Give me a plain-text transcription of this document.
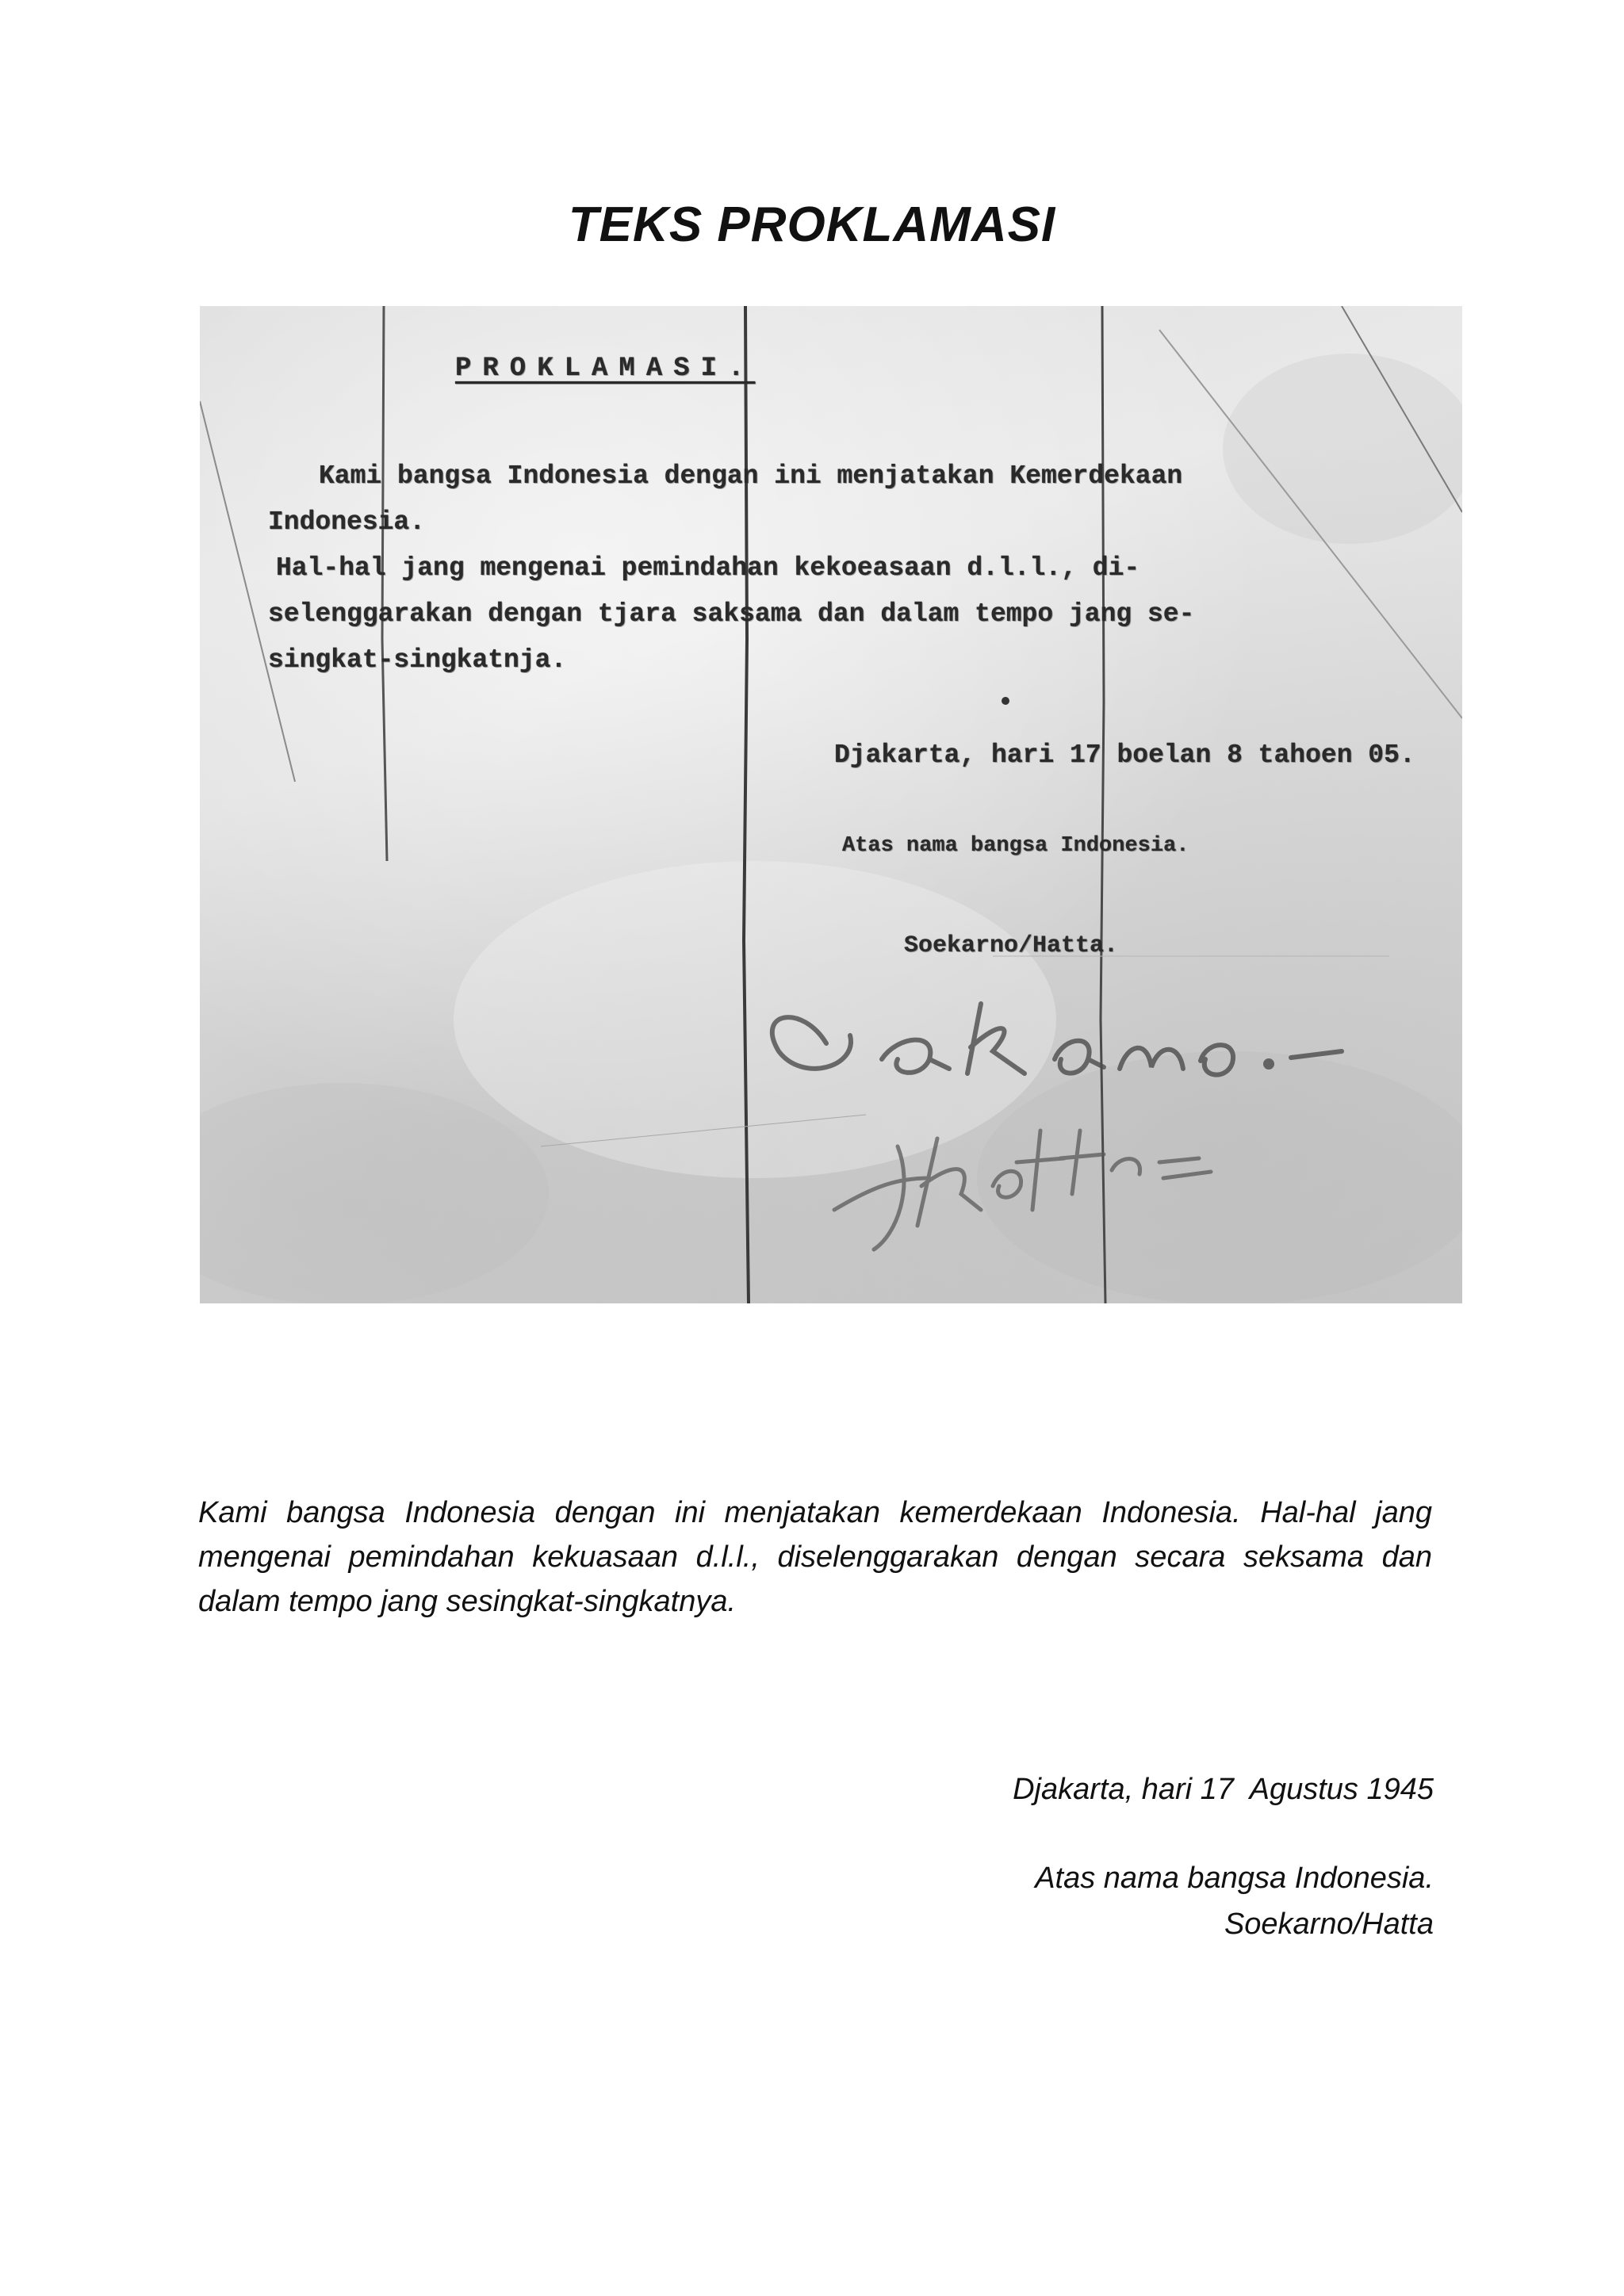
TEKS PROKLAMASI
PROKLAMASI.
Kami bangsa Indonesia dengan ini menjatakan Kemerdekaan
Indonesia.
Hal-hal jang mengenai pemindahan kekoeasaan d.l.l., di-
selenggarakan dengan tjara saksama dan dalam tempo jang se-
singkat-singkatnja.
Djakarta, hari 17 boelan 8 tahoen 05.
Atas nama bangsa Indonesia.
Soekarno/Hatta.

Kami bangsa Indonesia dengan ini menjatakan kemerdekaan Indonesia. Hal-hal jang mengenai pemindahan kekuasaan d.l.l., diselenggarakan dengan secara seksama dan dalam tempo jang sesingkat-singkatnya.

Djakarta, hari 17  Agustus 1945

Atas nama bangsa Indonesia.

Soekarno/Hatta
